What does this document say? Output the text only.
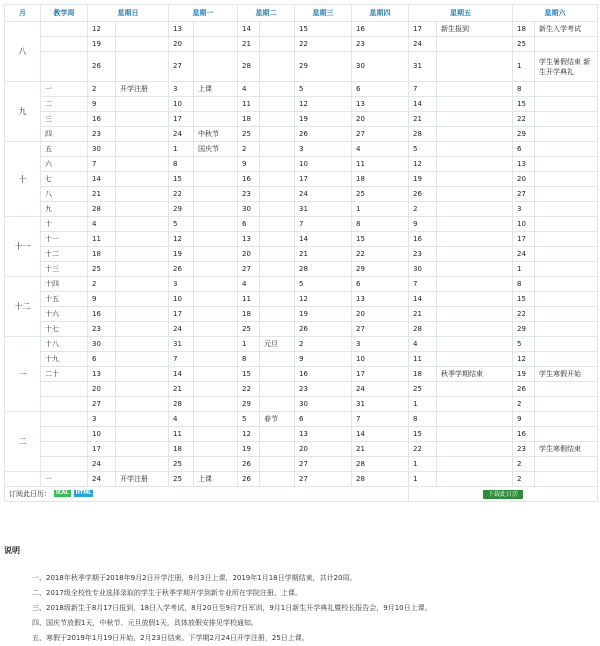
月	教学周	星期日		星期一		星期二		星期三	星期四	星期五		星期六	
八		12		13		14		15	16	17	新生报到	18	新生入学考试
		19		20		21		22	23	24		25	
		26		27		28		29	30	31		1	学生暑假结束 新生开学典礼
九	一	2	开学注册	3	上课	4		5	6	7		8	
	二	9		10		11		12	13	14		15	
	三	16		17		18		19	20	21		22	
	四	23		24	中秋节	25		26	27	28		29	
十	五	30		1	国庆节	2		3	4	5		6	
	六	7		8		9		10	11	12		13	
	七	14		15		16		17	18	19		20	
	八	21		22		23		24	25	26		27	
	九	28		29		30		31	1	2		3	
十一	十	4		5		6		7	8	9		10	
	十一	11		12		13		14	15	16		17	
	十二	18		19		20		21	22	23		24	
	十三	25		26		27		28	29	30		1	
十二	十四	2		3		4		5	6	7		8	
	十五	9		10		11		12	13	14		15	
	十六	16		17		18		19	20	21		22	
	十七	23		24		25		26	27	28		29	
一	十八	30		31		1	元旦	2	3	4		5	
	十九	6		7		8		9	10	11		12	
	二十	13		14		15		16	17	18	秋季学期结束	19	学生寒假开始
		20		21		22		23	24	25		26	
		27		28		29		30	31	1		2	
二		3		4		5	春节	6	7	8		9	
		10		11		12		13	14	15		16	
		17		18		19		20	21	22		23	学生寒假结束
		24		25		26		27	28	1		2	
	一	24	开学注册	25	上课	26		27	28	1		2	
订阅此日历： ICAL HTML										下载此日历			
说明
一、2018年秋季学期于2018年9月2日开学注册，9月3日上课，2019年1月18日学期结束，共计20周。
二、2017级全校性专业选择录取的学生于秋季学期开学到新专业所在学院注册、上课。
三、2018级新生于8月17日报到，18日入学考试，8月20日至9月7日军训，9月1日新生开学典礼暨校长报告会，9月10日上课。
四、国庆节放假1天，中秋节、元旦放假1天，具体放假安排见学校通知。
五、寒假于2019年1月19日开始，2月23日结束。下学期2月24日开学注册，25日上课。
